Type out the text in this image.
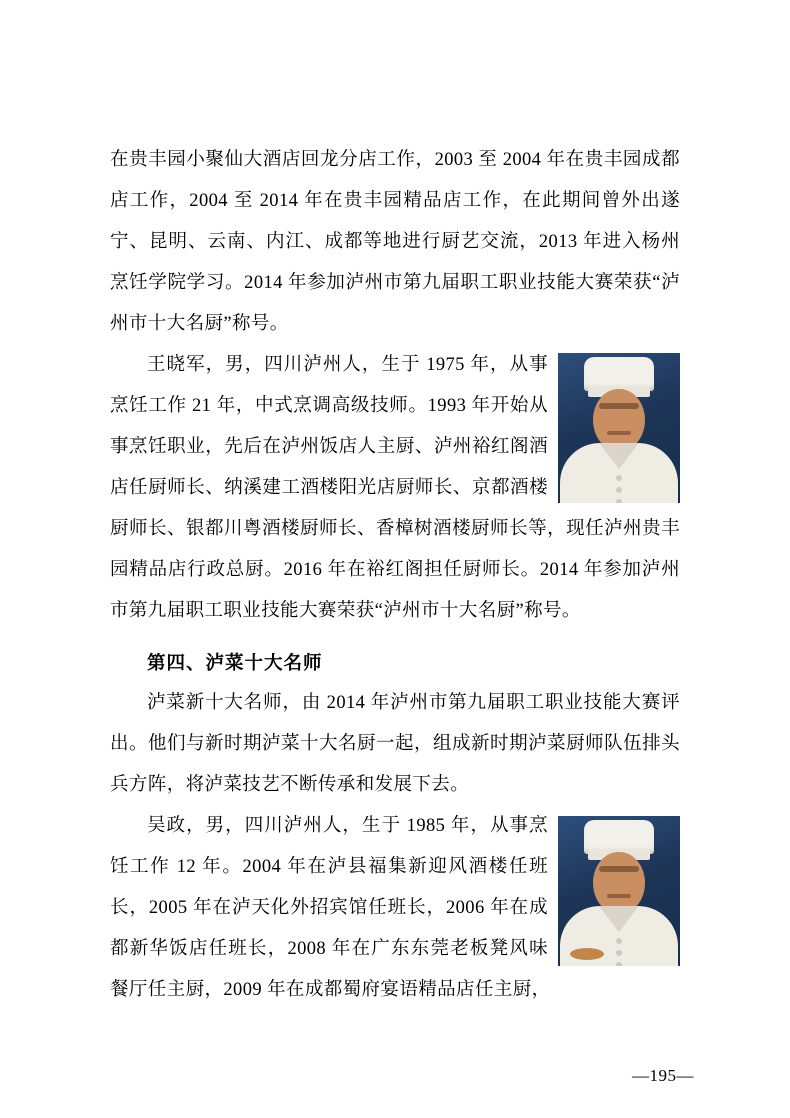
在贵丰园小聚仙大酒店回龙分店工作，2003 至 2004 年在贵丰园成都店工作，2004 至 2014 年在贵丰园精品店工作，在此期间曾外出遂宁、昆明、云南、内江、成都等地进行厨艺交流，2013 年进入杨州烹饪学院学习。2014 年参加泸州市第九届职工职业技能大赛荣获“泸州市十大名厨”称号。

王晓军，男，四川泸州人，生于 1975 年，从事烹饪工作 21 年，中式烹调高级技师。1993 年开始从事烹饪职业，先后在泸州饭店人主厨、泸州裕红阁酒店任厨师长、纳溪建工酒楼阳光店厨师长、京都酒楼厨师长、银都川粤酒楼厨师长、香樟树酒楼厨师长等，现任泸州贵丰园精品店行政总厨。2016 年在裕红阁担任厨师长。2014 年参加泸州市第九届职工职业技能大赛荣获“泸州市十大名厨”称号。

第四、泸菜十大名师

泸菜新十大名师，由 2014 年泸州市第九届职工职业技能大赛评出。他们与新时期泸菜十大名厨一起，组成新时期泸菜厨师队伍排头兵方阵，将泸菜技艺不断传承和发展下去。

吴政，男，四川泸州人，生于 1985 年，从事烹饪工作 12 年。2004 年在泸县福集新迎风酒楼任班长，2005 年在泸天化外招宾馆任班长，2006 年在成都新华饭店任班长，2008 年在广东东莞老板凳风味餐厅任主厨，2009 年在成都蜀府宴语精品店任主厨，

—195—
